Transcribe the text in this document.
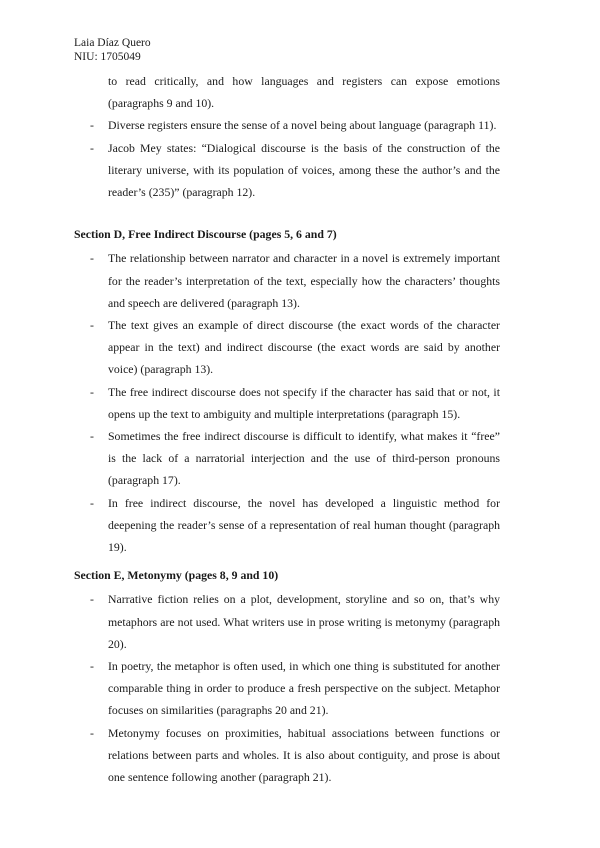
Laia Díaz Quero
NIU: 1705049
to read critically, and how languages and registers can expose emotions (paragraphs 9 and 10).
- Diverse registers ensure the sense of a novel being about language (paragraph 11).
- Jacob Mey states: “Dialogical discourse is the basis of the construction of the literary universe, with its population of voices, among these the author’s and the reader’s (235)” (paragraph 12).
Section D, Free Indirect Discourse (pages 5, 6 and 7)
- The relationship between narrator and character in a novel is extremely important for the reader’s interpretation of the text, especially how the characters’ thoughts and speech are delivered (paragraph 13).
- The text gives an example of direct discourse (the exact words of the character appear in the text) and indirect discourse (the exact words are said by another voice) (paragraph 13).
- The free indirect discourse does not specify if the character has said that or not, it opens up the text to ambiguity and multiple interpretations (paragraph 15).
- Sometimes the free indirect discourse is difficult to identify, what makes it “free” is the lack of a narratorial interjection and the use of third-person pronouns (paragraph 17).
- In free indirect discourse, the novel has developed a linguistic method for deepening the reader’s sense of a representation of real human thought (paragraph 19).
Section E, Metonymy (pages 8, 9 and 10)
- Narrative fiction relies on a plot, development, storyline and so on, that’s why metaphors are not used. What writers use in prose writing is metonymy (paragraph 20).
- In poetry, the metaphor is often used, in which one thing is substituted for another comparable thing in order to produce a fresh perspective on the subject. Metaphor focuses on similarities (paragraphs 20 and 21).
- Metonymy focuses on proximities, habitual associations between functions or relations between parts and wholes. It is also about contiguity, and prose is about one sentence following another (paragraph 21).
